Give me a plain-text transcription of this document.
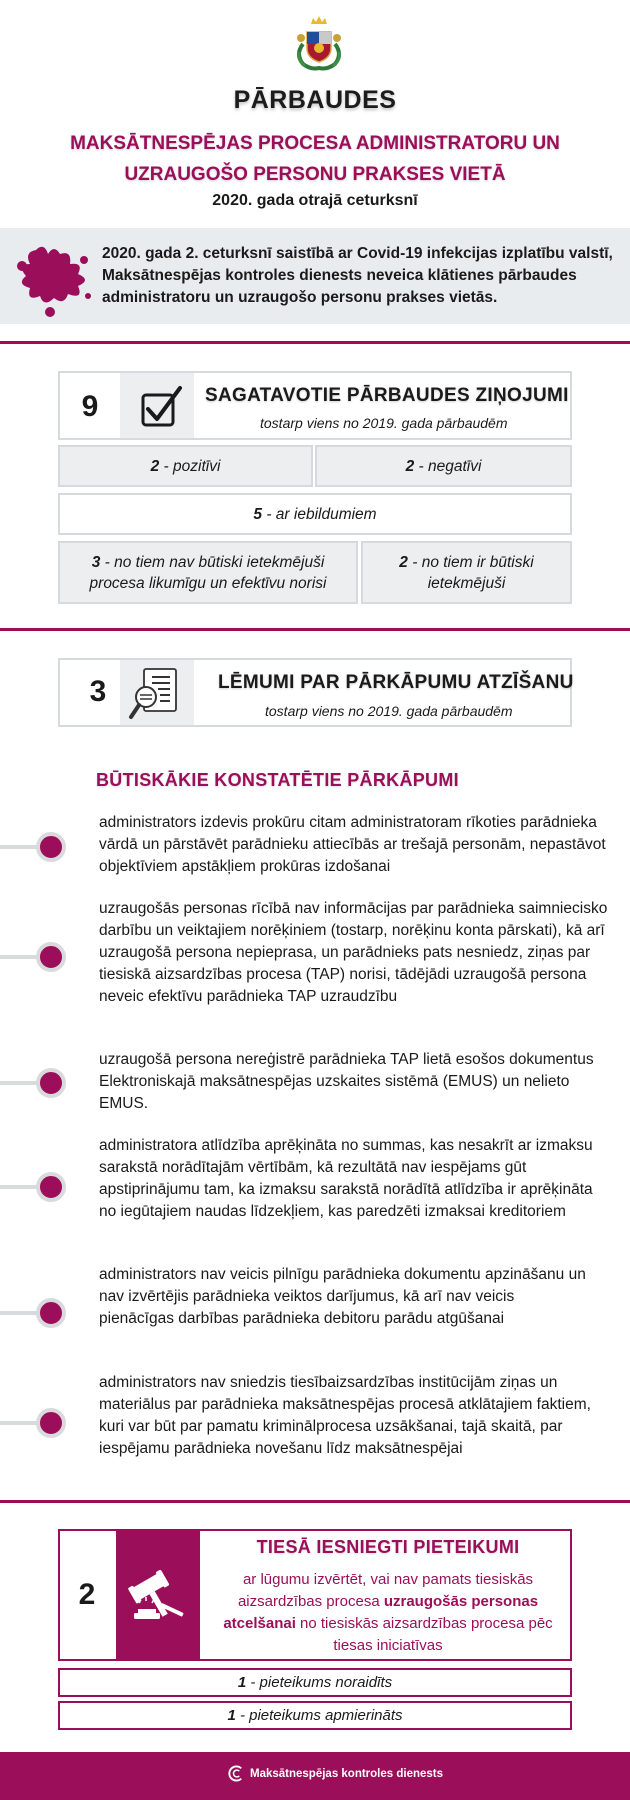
PĀRBAUDES
MAKSĀTNESPĒJAS PROCESA ADMINISTRATORU UN
UZRAUGOŠO PERSONU PRAKSES VIETĀ
2020. gada otrajā ceturksnī
2020. gada 2. ceturksnī saistībā ar Covid-19 infekcijas izplatību valstī, Maksātnespējas kontroles dienests neveica klātienes pārbaudes administratoru un uzraugošo personu prakses vietās.
9	SAGATAVOTIE PĀRBAUDES ZIŅOJUMI
tostarp viens no 2019. gada pārbaudēm
2 - pozitīvi	2 - negatīvi
5 - ar iebildumiem
3 - no tiem nav būtiski ietekmējuši procesa likumīgu un efektīvu norisi
2 - no tiem ir būtiski ietekmējuši
3	LĒMUMI PAR PĀRKĀPUMU ATZĪŠANU
tostarp viens no 2019. gada pārbaudēm
BŪTISKĀKIE KONSTATĒTIE PĀRKĀPUMI
administrators izdevis prokūru citam administratoram rīkoties parādnieka vārdā un pārstāvēt parādnieku attiecībās ar trešajā personām, nepastāvot objektīviem apstākļiem prokūras izdošanai
uzraugošās personas rīcībā nav informācijas par parādnieka saimniecisko darbību un veiktajiem norēķiniem (tostarp, norēķinu konta pārskati), kā arī uzraugošā persona nepieprasa, un parādnieks pats nesniedz, ziņas par tiesiskā aizsardzības procesa (TAP) norisi, tādējādi uzraugošā persona neveic efektīvu parādnieka TAP uzraudzību
uzraugošā persona nereģistrē parādnieka TAP lietā esošos dokumentus Elektroniskajā maksātnespējas uzskaites sistēmā (EMUS) un nelieto EMUS.
administratora atlīdzība aprēķināta no summas, kas nesakrīt ar izmaksu sarakstā norādītajām vērtībām, kā rezultātā nav iespējams gūt apstiprinājumu tam, ka izmaksu sarakstā norādītā atlīdzība ir aprēķināta no iegūtajiem naudas līdzekļiem, kas paredzēti izmaksai kreditoriem
administrators nav veicis pilnīgu parādnieka dokumentu apzināšanu un nav izvērtējis parādnieka veiktos darījumus, kā arī nav veicis pienācīgas darbības parādnieka debitoru parādu atgūšanai
administrators nav sniedzis tiesībaizsardzības institūcijām ziņas un materiālus par parādnieka maksātnespējas procesā atklātajiem faktiem, kuri var būt par pamatu kriminālprocesa uzsākšanai, tajā skaitā, par iespējamu parādnieka novešanu līdz maksātnespējai
2
TIESĀ IESNIEGTI PIETEIKUMI
ar lūgumu izvērtēt, vai nav pamats tiesiskās aizsardzības procesa uzraugošās personas atcelšanai no tiesiskās aizsardzības procesa pēc tiesas iniciatīvas
1 - pieteikums noraidīts
1 - pieteikums apmierināts
Maksātnespējas kontroles dienests
